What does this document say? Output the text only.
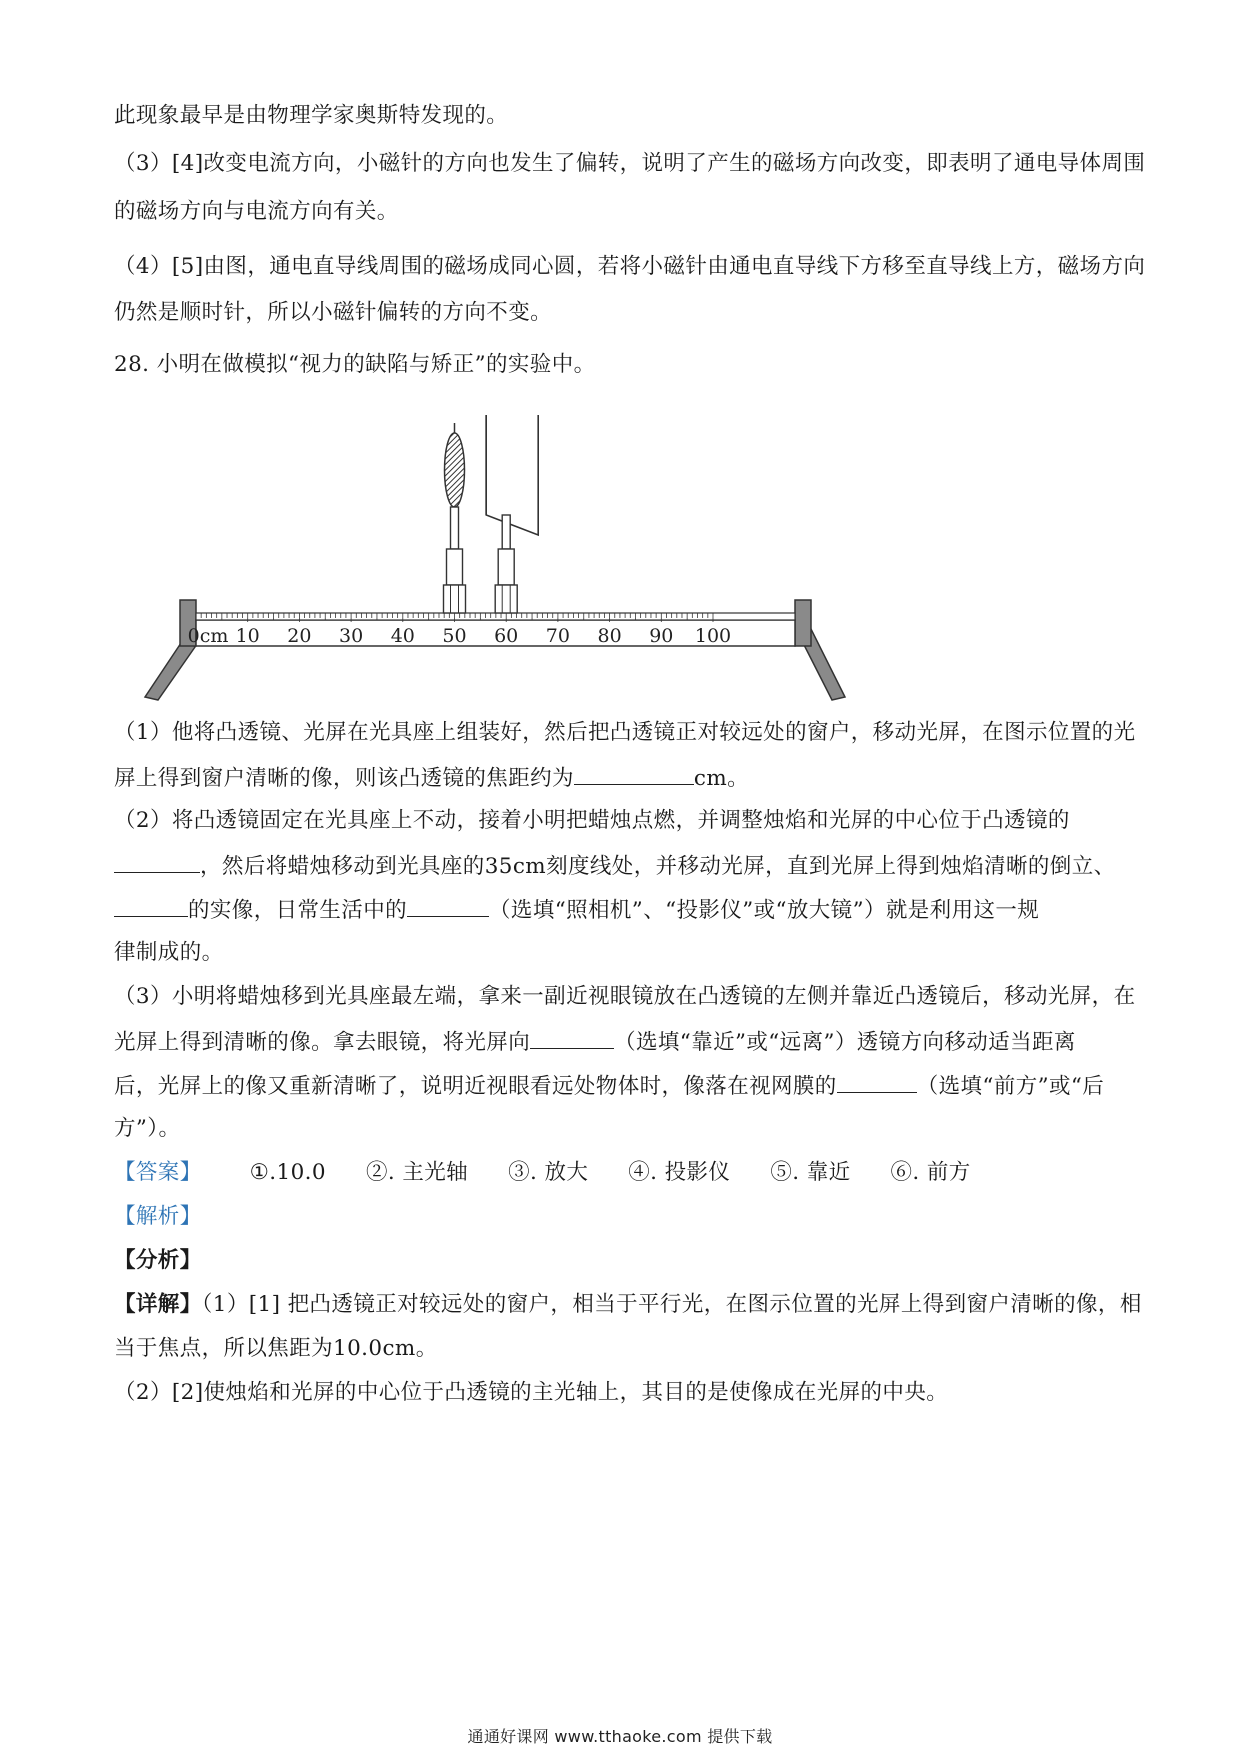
此现象最早是由物理学家奥斯特发现的。
（3）[4]改变电流方向，小磁针的方向也发生了偏转，说明了产生的磁场方向改变，即表明了通电导体周围
的磁场方向与电流方向有关。
（4）[5]由图，通电直导线周围的磁场成同心圆，若将小磁针由通电直导线下方移至直导线上方，磁场方向
仍然是顺时针，所以小磁针偏转的方向不变。
28. 小明在做模拟“视力的缺陷与矫正”的实验中。
0cm 10 20 30 40 50 60 70 80 90 100
（1）他将凸透镜、光屏在光具座上组装好，然后把凸透镜正对较远处的窗户，移动光屏，在图示位置的光
屏上得到窗户清晰的像，则该凸透镜的焦距约为	cm。
（2）将凸透镜固定在光具座上不动，接着小明把蜡烛点燃，并调整烛焰和光屏的中心位于凸透镜的
，然后将蜡烛移动到光具座的35cm刻度线处，并移动光屏，直到光屏上得到烛焰清晰的倒立、
的实像，日常生活中的	（选填“照相机”、“投影仪”或“放大镜”）就是利用这一规
律制成的。
（3）小明将蜡烛移到光具座最左端，拿来一副近视眼镜放在凸透镜的左侧并靠近凸透镜后，移动光屏，在
光屏上得到清晰的像。拿去眼镜，将光屏向	（选填“靠近”或“远离”）透镜方向移动适当距离
后，光屏上的像又重新清晰了，说明近视眼看远处物体时，像落在视网膜的	（选填“前方”或“后
方”）。
【答案】 ①.10.0 ②. 主光轴 ③. 放大 ④. 投影仪 ⑤. 靠近 ⑥. 前方
【解析】
【分析】
【详解】（1）[1] 把凸透镜正对较远处的窗户，相当于平行光，在图示位置的光屏上得到窗户清晰的像，相
当于焦点，所以焦距为10.0cm。
（2）[2]使烛焰和光屏的中心位于凸透镜的主光轴上，其目的是使像成在光屏的中央。
通通好课网 www.tthaoke.com 提供下载
